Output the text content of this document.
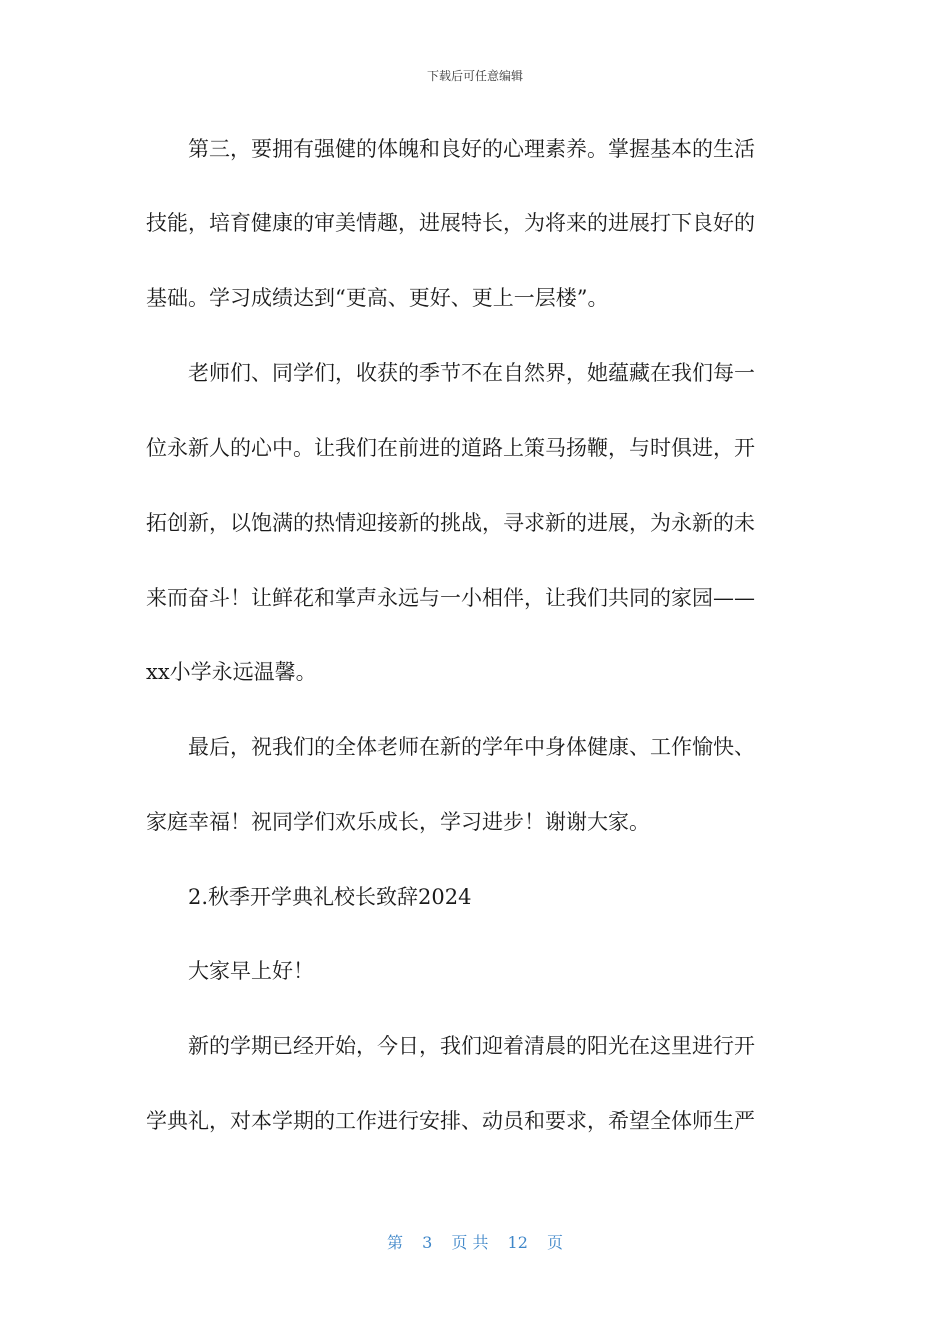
下载后可任意编辑
第三，要拥有强健的体魄和良好的心理素养。掌握基本的生活
技能，培育健康的审美情趣，进展特长，为将来的进展打下良好的
基础。学习成绩达到“更高、更好、更上一层楼”。
老师们、同学们，收获的季节不在自然界，她蕴藏在我们每一
位永新人的心中。让我们在前进的道路上策马扬鞭，与时俱进，开
拓创新，以饱满的热情迎接新的挑战，寻求新的进展，为永新的未
来而奋斗！让鲜花和掌声永远与一小相伴，让我们共同的家园——
xx小学永远温馨。
最后，祝我们的全体老师在新的学年中身体健康、工作愉快、
家庭幸福！祝同学们欢乐成长，学习进步！谢谢大家。
2.秋季开学典礼校长致辞2024
大家早上好！
新的学期已经开始，今日，我们迎着清晨的阳光在这里进行开
学典礼，对本学期的工作进行安排、动员和要求，希望全体师生严
第 3 页 共 12 页
